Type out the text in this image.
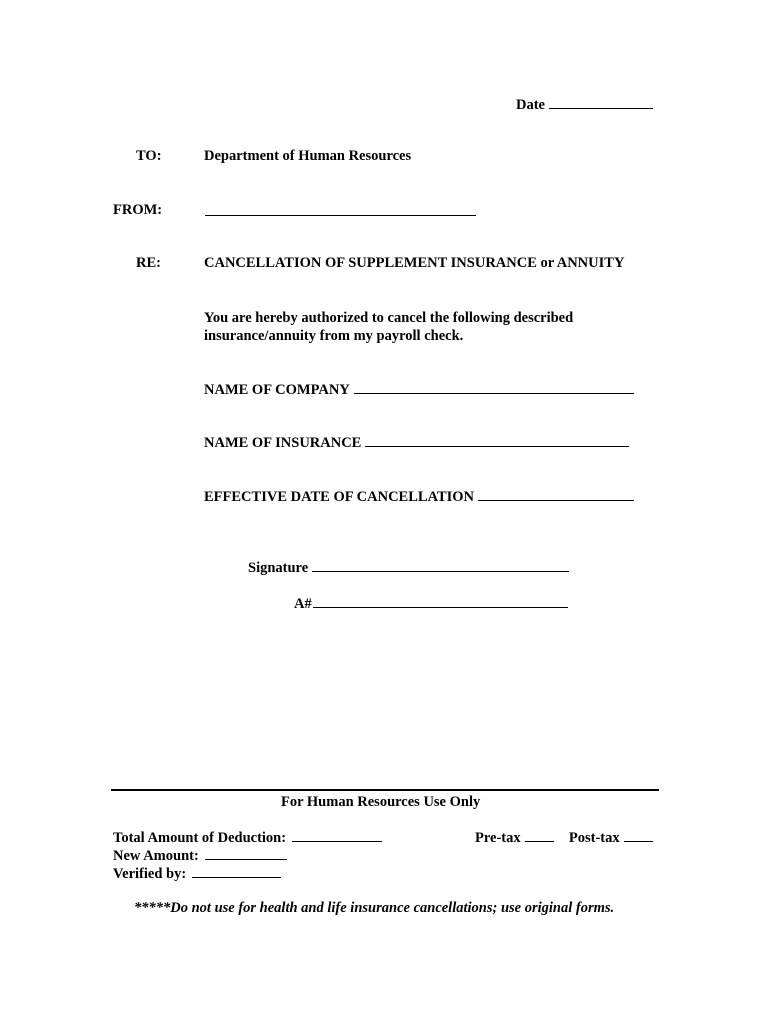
Date
TO:	Department of Human Resources
FROM:
RE:	CANCELLATION OF SUPPLEMENT INSURANCE or ANNUITY
You are hereby authorized to cancel the following described
insurance/annuity from my payroll check.
NAME OF COMPANY
NAME OF INSURANCE
EFFECTIVE DATE OF CANCELLATION
Signature
A#
For Human Resources Use Only
Total Amount of Deduction:	Pre-tax	Post-tax
New Amount:
Verified by:
*****Do not use for health and life insurance cancellations; use original forms.
